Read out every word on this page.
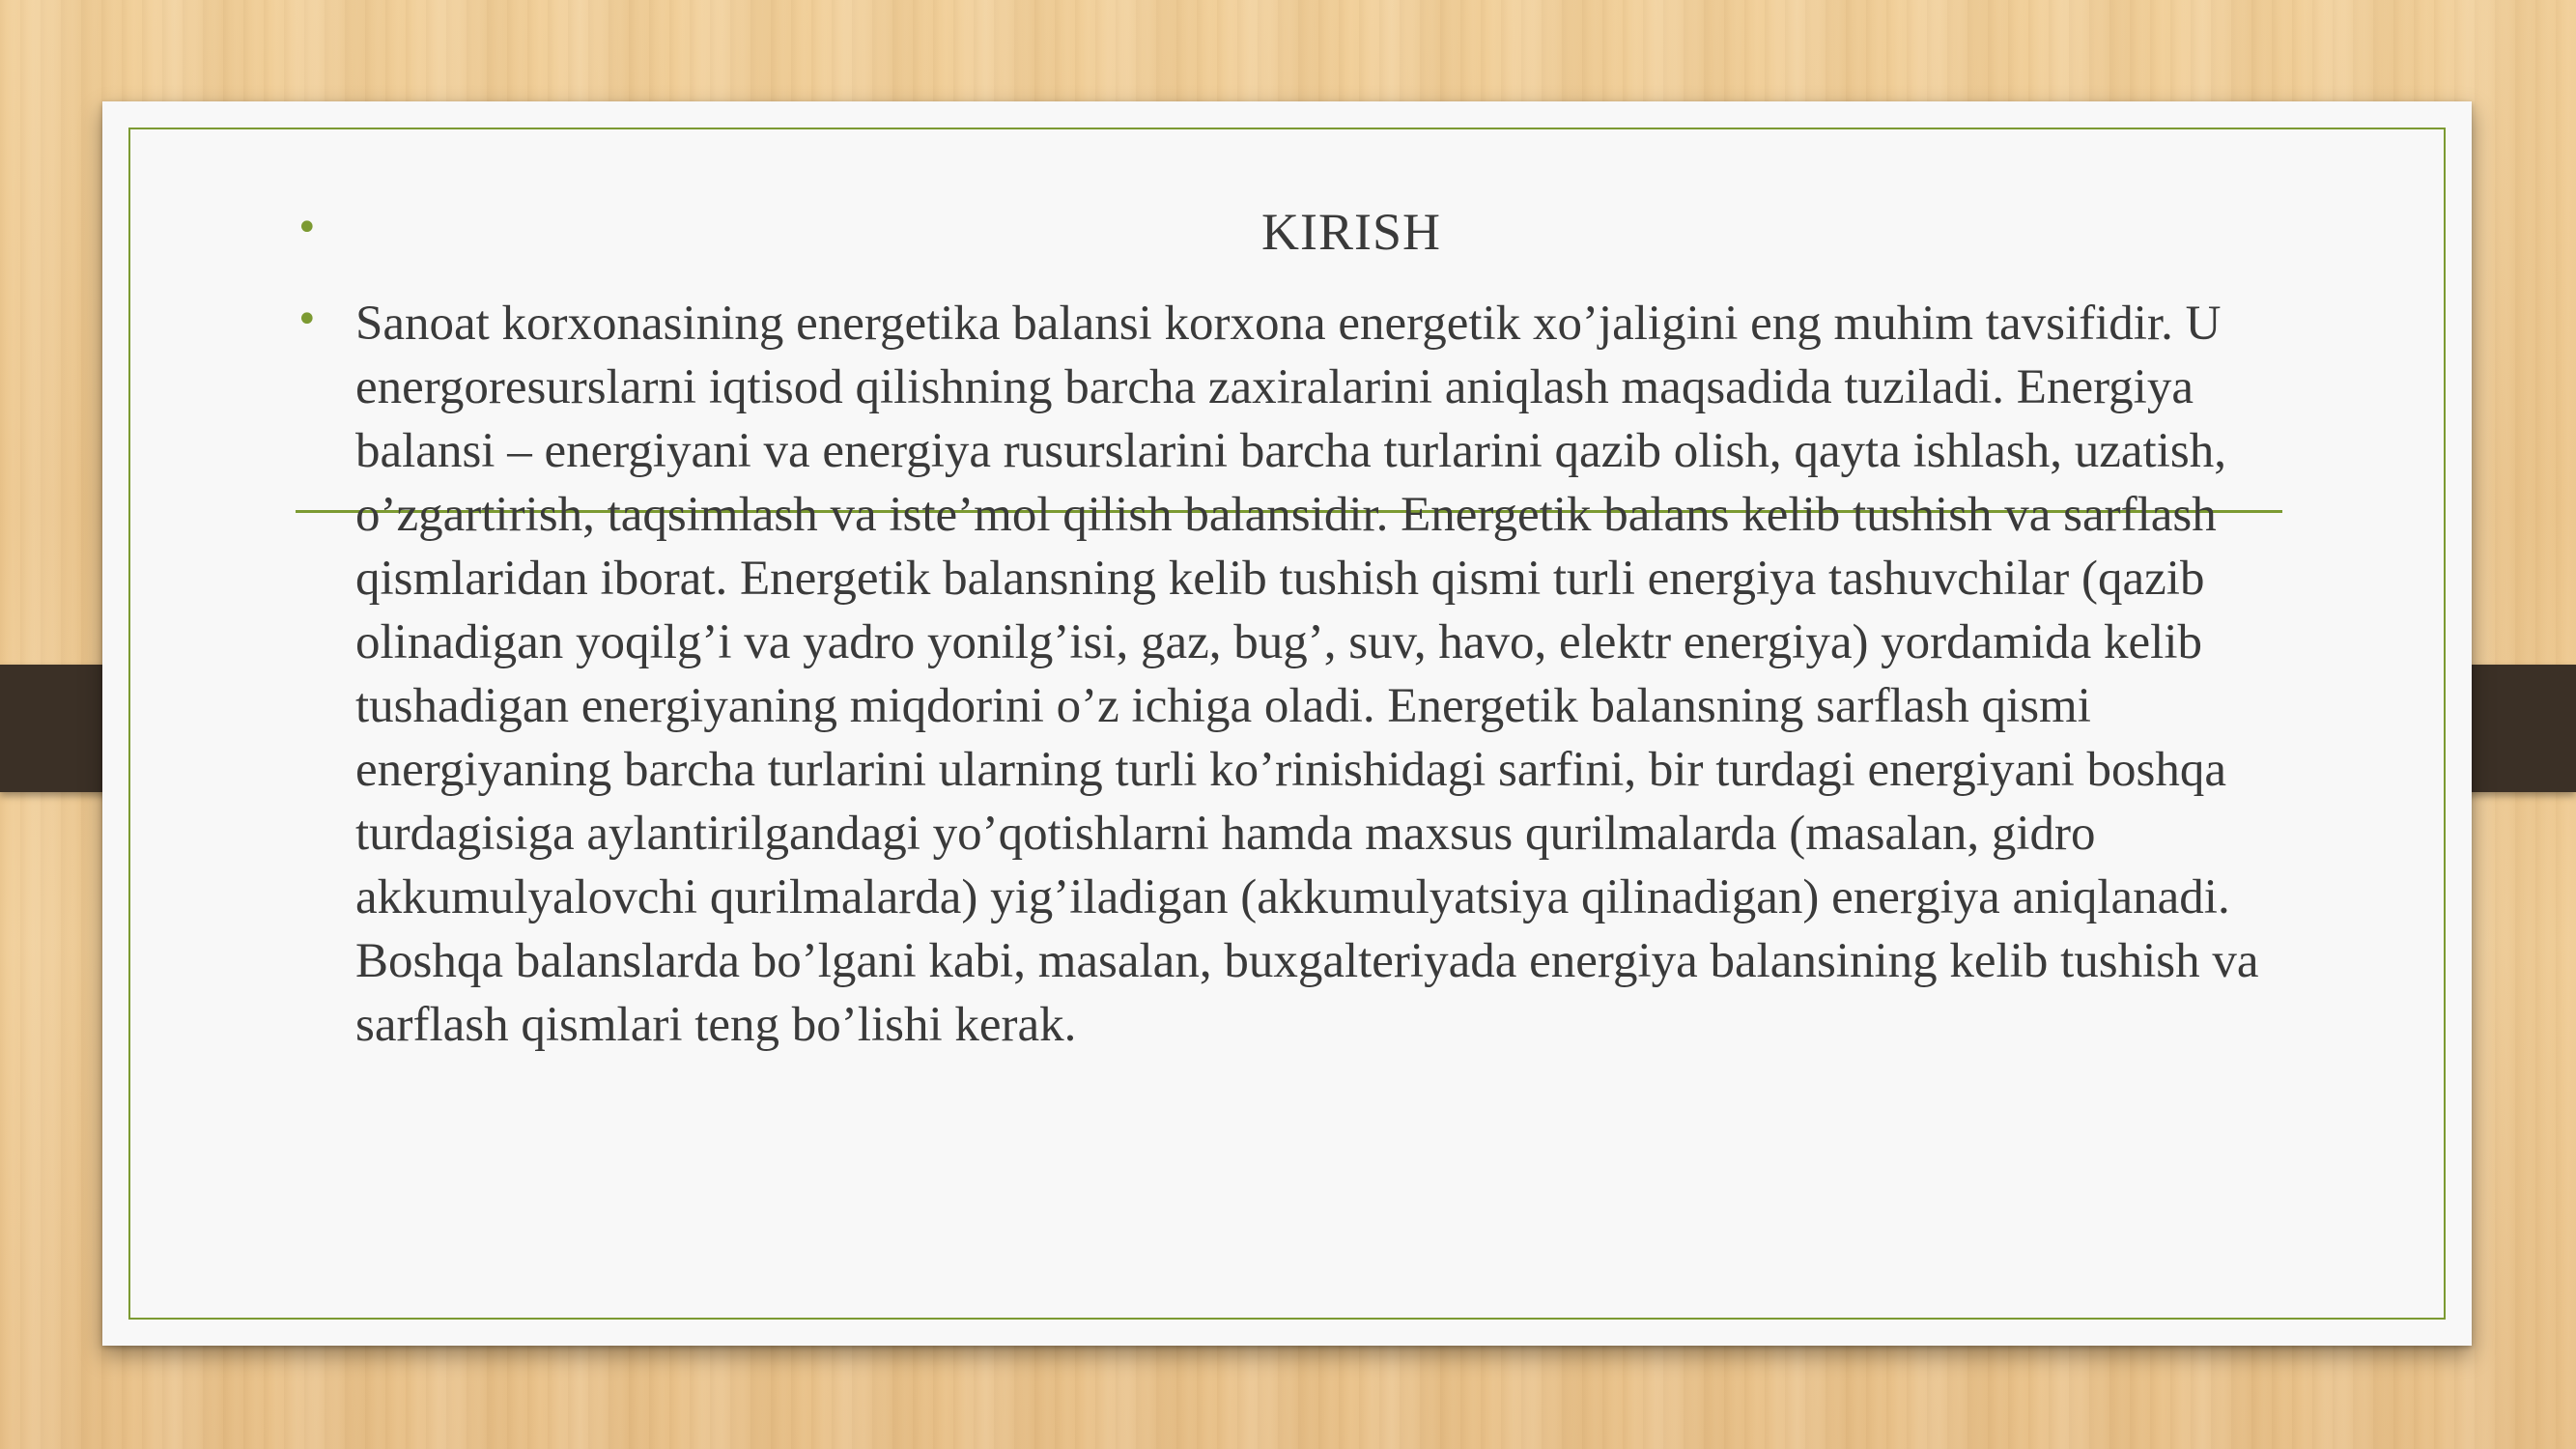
•	KIRISH
• Sanoat korxonasining energetika balansi korxona energetik xo’jaligini eng muhim tavsifidir. U energoresurslarni iqtisod qilishning barcha zaxiralarini aniqlash maqsadida tuziladi. Energiya balansi – energiyani va energiya rusurslarini barcha turlarini qazib olish, qayta ishlash, uzatish, o’zgartirish, taqsimlash va iste’mol qilish balansidir. Energetik balans kelib tushish va sarflash qismlaridan iborat. Energetik balansning kelib tushish qismi turli energiya tashuvchilar (qazib olinadigan yoqilg’i va yadro yonilg’isi, gaz, bug’, suv, havo, elektr energiya) yordamida kelib tushadigan energiyaning miqdorini o’z ichiga oladi. Energetik balansning sarflash qismi energiyaning barcha turlarini ularning turli ko’rinishidagi sarfini, bir turdagi energiyani boshqa turdagisiga aylantirilgandagi yo’qotishlarni hamda maxsus qurilmalarda (masalan, gidro akkumulyalovchi qurilmalarda) yig’iladigan (akkumulyatsiya qilinadigan) energiya aniqlanadi. Boshqa balanslarda bo’lgani kabi, masalan, buxgalteriyada energiya balansining kelib tushish va sarflash qismlari teng bo’lishi kerak.
